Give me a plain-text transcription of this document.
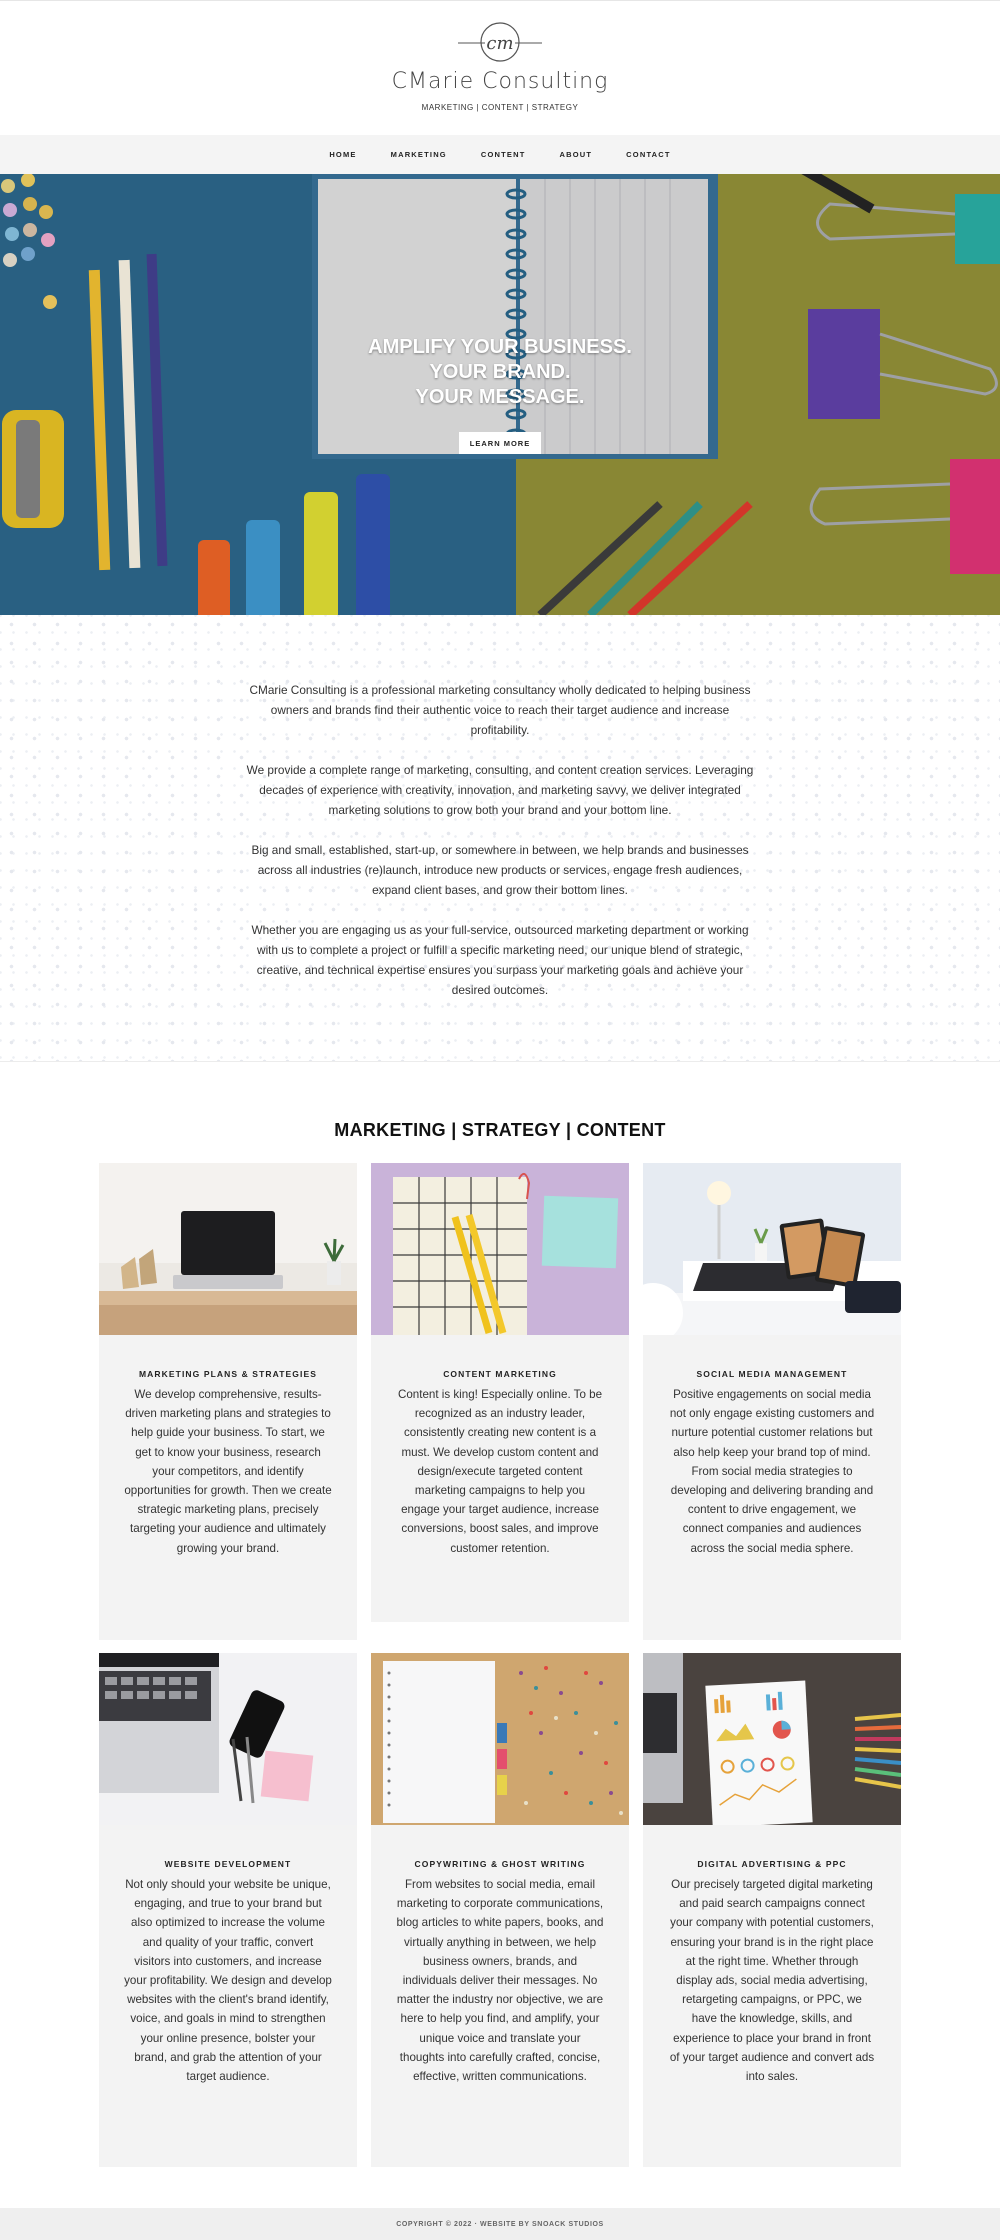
cm
CMarie Consulting
MARKETING | CONTENT | STRATEGY
HOME	MARKETING	CONTENT	ABOUT	CONTACT
AMPLIFY YOUR BUSINESS.
YOUR BRAND.
YOUR MESSAGE.
LEARN MORE

CMarie Consulting is a professional marketing consultancy wholly dedicated to helping business owners and brands find their authentic voice to reach their target audience and increase profitability.

We provide a complete range of marketing, consulting, and content creation services. Leveraging decades of experience with creativity, innovation, and marketing savvy, we deliver integrated marketing solutions to grow both your brand and your bottom line.

Big and small, established, start-up, or somewhere in between, we help brands and businesses across all industries (re)launch, introduce new products or services, engage fresh audiences, expand client bases, and grow their bottom lines.

Whether you are engaging us as your full-service, outsourced marketing department or working with us to complete a project or fulfill a specific marketing need, our unique blend of strategic, creative, and technical expertise ensures you surpass your marketing goals and achieve your desired outcomes.

MARKETING | STRATEGY | CONTENT
MARKETING PLANS & STRATEGIES

We develop comprehensive, results-driven marketing plans and strategies to help guide your business. To start, we get to know your business, research your competitors, and identify opportunities for growth. Then we create strategic marketing plans, precisely targeting your audience and ultimately growing your brand.

CONTENT MARKETING

Content is king! Especially online. To be recognized as an industry leader, consistently creating new content is a must. We develop custom content and design/execute targeted content marketing campaigns to help you engage your target audience, increase conversions, boost sales, and improve customer retention.

SOCIAL MEDIA MANAGEMENT

Positive engagements on social media not only engage existing customers and nurture potential customer relations but also help keep your brand top of mind. From social media strategies to developing and delivering branding and content to drive engagement, we connect companies and audiences across the social media sphere.

WEBSITE DEVELOPMENT

Not only should your website be unique, engaging, and true to your brand but also optimized to increase the volume and quality of your traffic, convert visitors into customers, and increase your profitability. We design and develop websites with the client's brand identify, voice, and goals in mind to strengthen your online presence, bolster your brand, and grab the attention of your target audience.

COPYWRITING & GHOST WRITING

From websites to social media, email marketing to corporate communications, blog articles to white papers, books, and virtually anything in between, we help business owners, brands, and individuals deliver their messages. No matter the industry nor objective, we are here to help you find, and amplify, your unique voice and translate your thoughts into carefully crafted, concise, effective, written communications.

DIGITAL ADVERTISING & PPC

Our precisely targeted digital marketing and paid search campaigns connect your company with potential customers, ensuring your brand is in the right place at the right time. Whether through display ads, social media advertising, retargeting campaigns, or PPC, we have the knowledge, skills, and experience to place your brand in front of your target audience and convert ads into sales.

COPYRIGHT © 2022 · WEBSITE BY SNOACK STUDIOS
